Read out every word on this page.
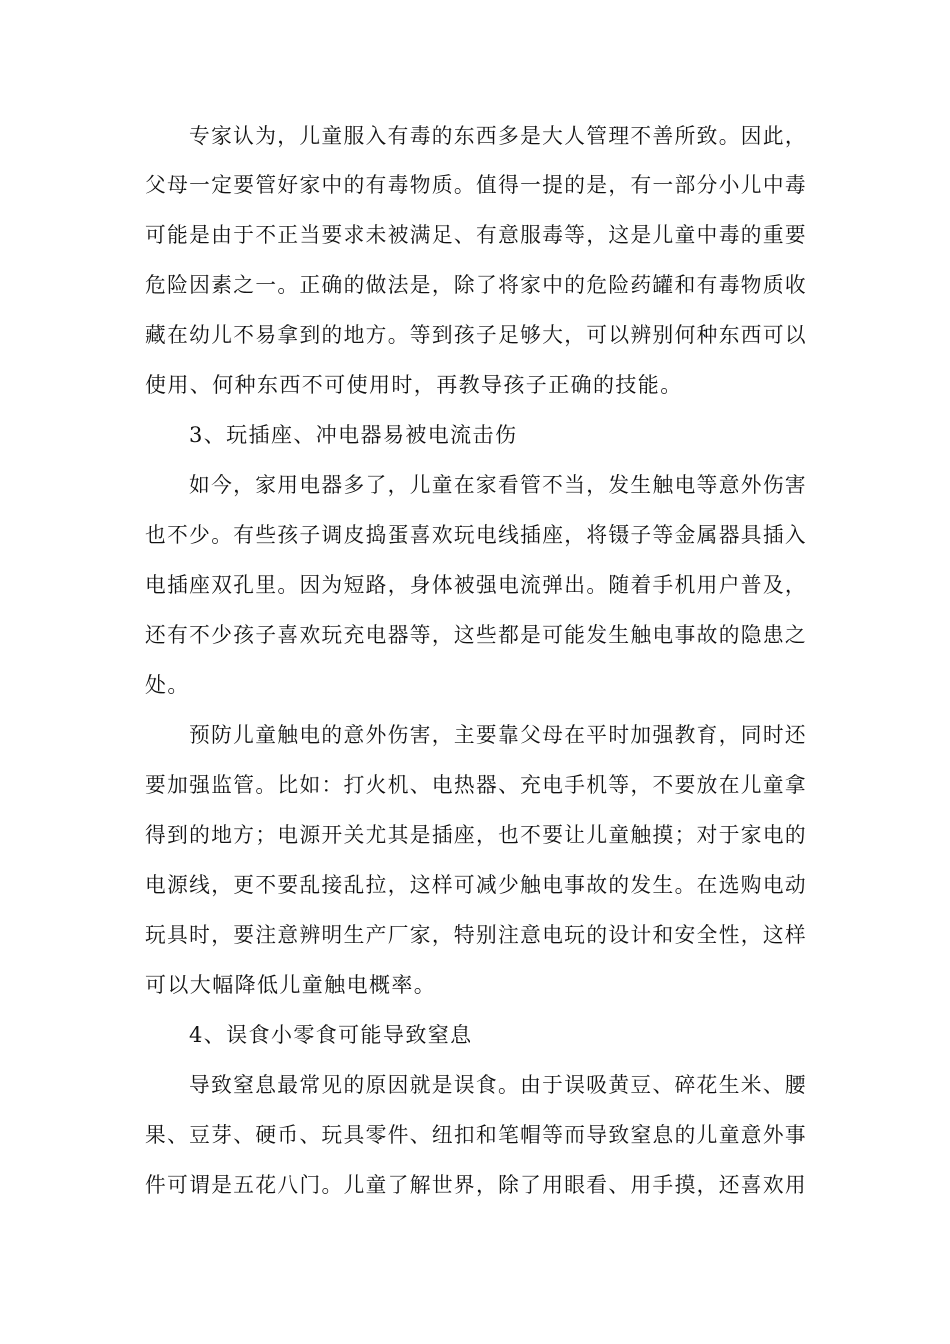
专家认为，儿童服入有毒的东西多是大人管理不善所致。因此，
父母一定要管好家中的有毒物质。值得一提的是，有一部分小儿中毒
可能是由于不正当要求未被满足、有意服毒等，这是儿童中毒的重要
危险因素之一。正确的做法是，除了将家中的危险药罐和有毒物质收
藏在幼儿不易拿到的地方。等到孩子足够大，可以辨别何种东西可以
使用、何种东西不可使用时，再教导孩子正确的技能。
3、玩插座、冲电器易被电流击伤
如今，家用电器多了，儿童在家看管不当，发生触电等意外伤害
也不少。有些孩子调皮捣蛋喜欢玩电线插座，将镊子等金属器具插入
电插座双孔里。因为短路，身体被强电流弹出。随着手机用户普及，
还有不少孩子喜欢玩充电器等，这些都是可能发生触电事故的隐患之
处。
预防儿童触电的意外伤害，主要靠父母在平时加强教育，同时还
要加强监管。比如：打火机、电热器、充电手机等，不要放在儿童拿
得到的地方；电源开关尤其是插座，也不要让儿童触摸；对于家电的
电源线，更不要乱接乱拉，这样可减少触电事故的发生。在选购电动
玩具时，要注意辨明生产厂家，特别注意电玩的设计和安全性，这样
可以大幅降低儿童触电概率。
4、误食小零食可能导致窒息
导致窒息最常见的原因就是误食。由于误吸黄豆、碎花生米、腰
果、豆芽、硬币、玩具零件、纽扣和笔帽等而导致窒息的儿童意外事
件可谓是五花八门。儿童了解世界，除了用眼看、用手摸，还喜欢用
